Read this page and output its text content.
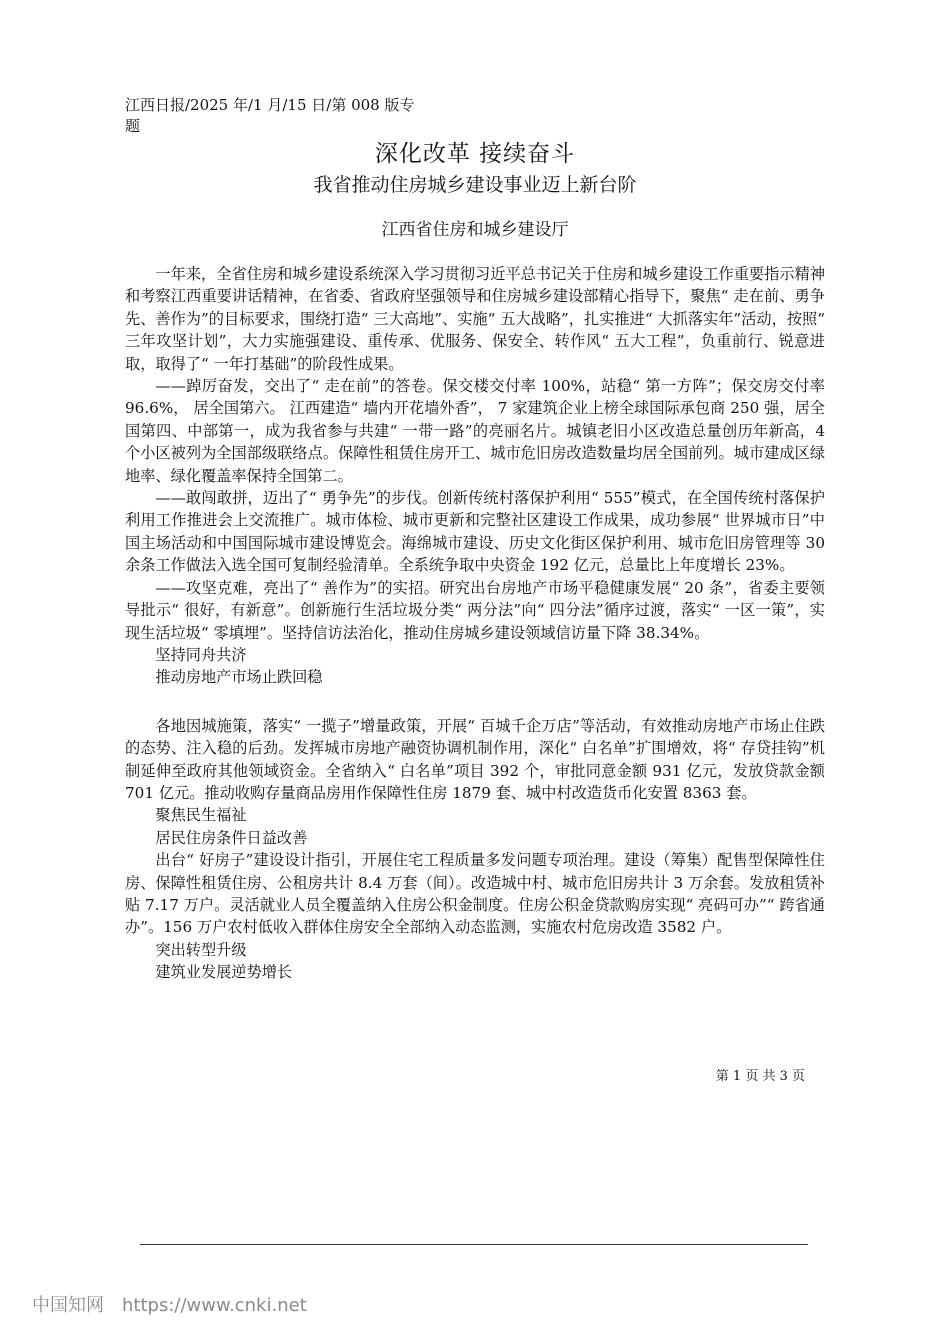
江西日报/2025 年/1 月/15 日/第 008 版专题
深化改革 接续奋斗
我省推动住房城乡建设事业迈上新台阶
江西省住房和城乡建设厅

一年来，全省住房和城乡建设系统深入学习贯彻习近平总书记关于住房和城乡建设工作重要指示精神和考察江西重要讲话精神，在省委、省政府坚强领导和住房城乡建设部精心指导下，聚焦“ 走在前、勇争先、善作为”的目标要求，围绕打造“ 三大高地”、实施“ 五大战略”，扎实推进“ 大抓落实年”活动，按照“ 三年攻坚计划”，大力实施强建设、重传承、优服务、保安全、转作风“ 五大工程”，负重前行、锐意进取，取得了“ 一年打基础”的阶段性成果。

——踔厉奋发，交出了“ 走在前”的答卷。保交楼交付率 100%，站稳“ 第一方阵”；保交房交付率 96.6%， 居全国第六。 江西建造“ 墙内开花墙外香”， 7 家建筑企业上榜全球国际承包商 250 强，居全国第四、中部第一，成为我省参与共建“ 一带一路”的亮丽名片。城镇老旧小区改造总量创历年新高，4 个小区被列为全国部级联络点。保障性租赁住房开工、城市危旧房改造数量均居全国前列。城市建成区绿地率、绿化覆盖率保持全国第二。

——敢闯敢拼，迈出了“ 勇争先”的步伐。创新传统村落保护利用“ 555”模式，在全国传统村落保护利用工作推进会上交流推广。城市体检、城市更新和完整社区建设工作成果，成功参展“ 世界城市日”中国主场活动和中国国际城市建设博览会。海绵城市建设、历史文化街区保护利用、城市危旧房管理等 30 余条工作做法入选全国可复制经验清单。全系统争取中央资金 192 亿元，总量比上年度增长 23%。

——攻坚克难，亮出了“ 善作为”的实招。研究出台房地产市场平稳健康发展“ 20 条”，省委主要领导批示“ 很好，有新意”。创新施行生活垃圾分类“ 两分法”向“ 四分法”循序过渡，落实“ 一区一策”，实现生活垃圾“ 零填埋”。坚持信访法治化，推动住房城乡建设领域信访量下降 38.34%。

坚持同舟共济

推动房地产市场止跌回稳

各地因城施策，落实“ 一揽子”增量政策，开展“ 百城千企万店”等活动，有效推动房地产市场止住跌的态势、注入稳的后劲。发挥城市房地产融资协调机制作用，深化“ 白名单”扩围增效，将“ 存贷挂钩”机制延伸至政府其他领域资金。全省纳入“ 白名单”项目 392 个，审批同意金额 931 亿元，发放贷款金额 701 亿元。推动收购存量商品房用作保障性住房 1879 套、城中村改造货币化安置 8363 套。

聚焦民生福祉

居民住房条件日益改善

出台“ 好房子”建设设计指引，开展住宅工程质量多发问题专项治理。建设（筹集）配售型保障性住房、保障性租赁住房、公租房共计 8.4 万套（间）。改造城中村、城市危旧房共计 3 万余套。发放租赁补贴 7.17 万户。灵活就业人员全覆盖纳入住房公积金制度。住房公积金贷款购房实现“ 亮码可办”“ 跨省通办”。156 万户农村低收入群体住房安全全部纳入动态监测，实施农村危房改造 3582 户。

突出转型升级

建筑业发展逆势增长

第 1 页 共 3 页
中国知网 https://www.cnki.net
